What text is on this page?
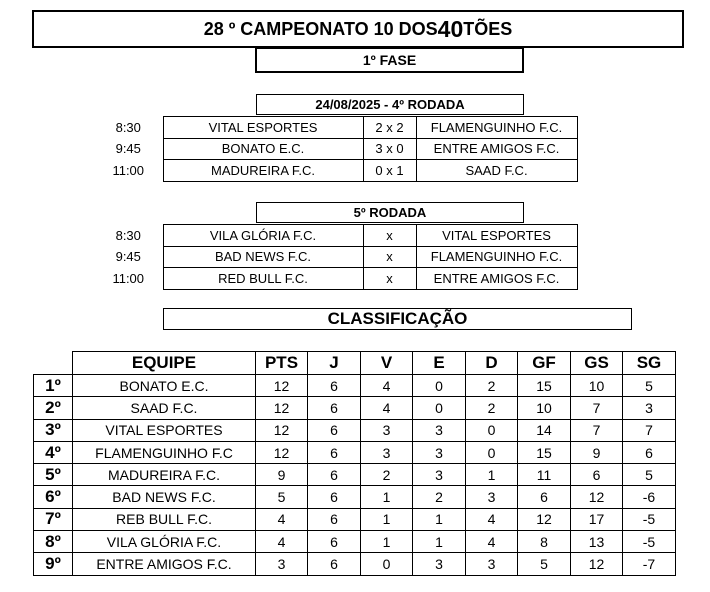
28 º CAMPEONATO 10 DOS 40 TÕES
1º FASE
24/08/2025 - 4º RODADA
8:30	VITAL ESPORTES	2 x 2	FLAMENGUINHO F.C.
9:45	BONATO E.C.	3 x 0	ENTRE AMIGOS F.C.
11:00	MADUREIRA F.C.	0 x 1	SAAD F.C.
5º RODADA
8:30	VILA GLÓRIA F.C.	x	VITAL ESPORTES
9:45	BAD NEWS F.C.	x	FLAMENGUINHO F.C.
11:00	RED BULL F.C.	x	ENTRE AMIGOS F.C.
CLASSIFICAÇÃO
	EQUIPE	PTS	J	V	E	D	GF	GS	SG
1º	BONATO E.C.	12	6	4	0	2	15	10	5
2º	SAAD F.C.	12	6	4	0	2	10	7	3
3º	VITAL ESPORTES	12	6	3	3	0	14	7	7
4º	FLAMENGUINHO F.C	12	6	3	3	0	15	9	6
5º	MADUREIRA F.C.	9	6	2	3	1	11	6	5
6º	BAD NEWS F.C.	5	6	1	2	3	6	12	-6
7º	REB BULL F.C.	4	6	1	1	4	12	17	-5
8º	VILA GLÓRIA F.C.	4	6	1	1	4	8	13	-5
9º	ENTRE AMIGOS F.C.	3	6	0	3	3	5	12	-7
